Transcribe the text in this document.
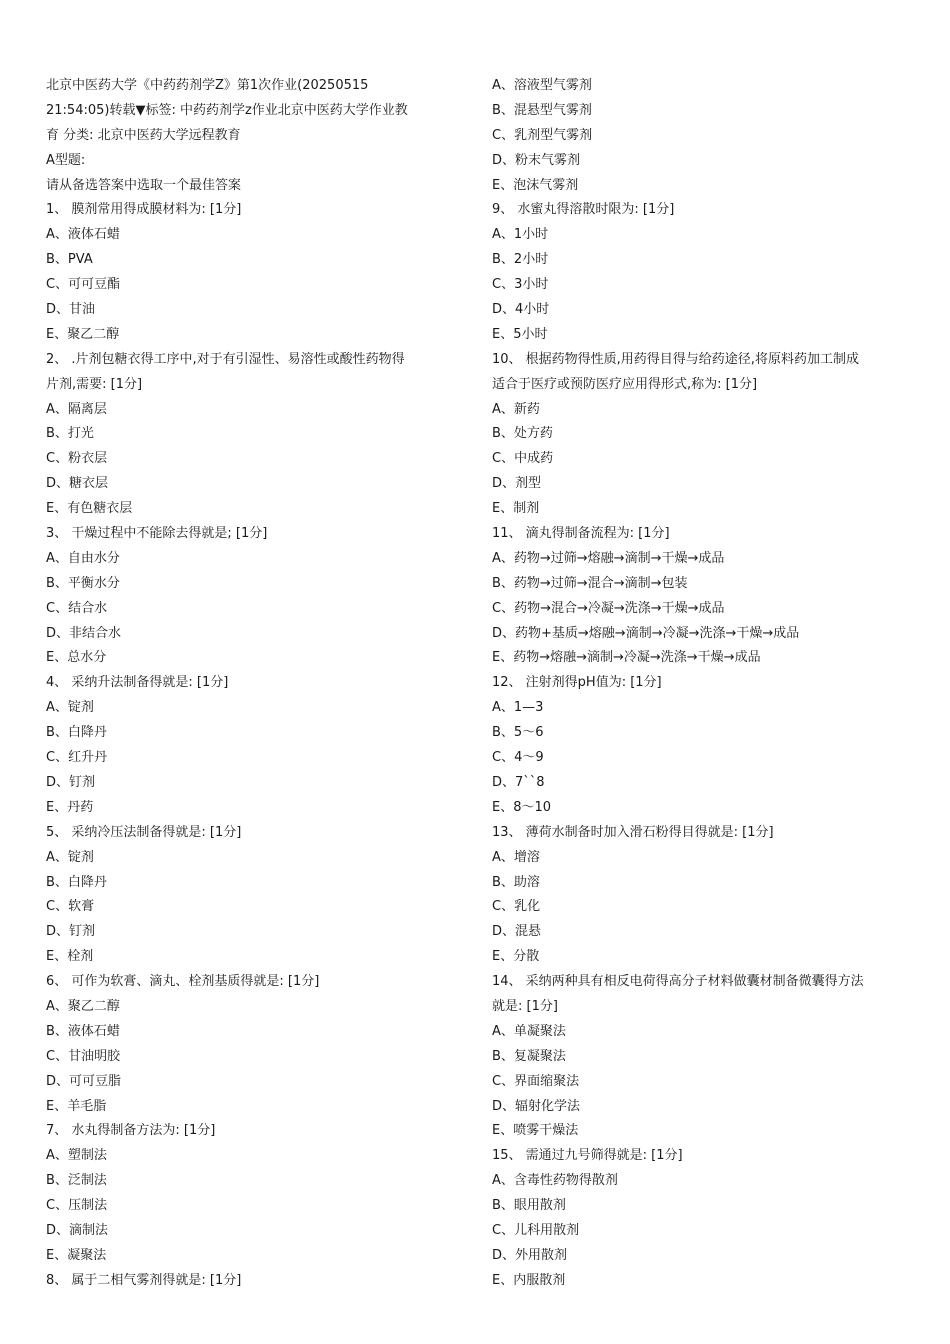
北京中医药大学《中药药剂学Z》第1次作业(20250515
21:54:05)转载▼标签: 中药药剂学z作业北京中医药大学作业教
育 分类: 北京中医药大学远程教育
A型题:
请从备选答案中选取一个最佳答案
1、 膜剂常用得成膜材料为: [1分]
A、液体石蜡
B、PVA
C、可可豆酯
D、甘油
E、聚乙二醇
2、 .片剂包糖衣得工序中,对于有引湿性、易溶性或酸性药物得
片剂,需要: [1分]
A、隔离层
B、打光
C、粉衣层
D、糖衣层
E、有色糖衣层
3、 干燥过程中不能除去得就是; [1分]
A、自由水分
B、平衡水分
C、结合水
D、非结合水
E、总水分
4、 采纳升法制备得就是: [1分]
A、锭剂
B、白降丹
C、红升丹
D、钉剂
E、丹药
5、 采纳冷压法制备得就是: [1分]
A、锭剂
B、白降丹
C、软膏
D、钉剂
E、栓剂
6、 可作为软膏、滴丸、栓剂基质得就是: [1分]
A、聚乙二醇
B、液体石蜡
C、甘油明胶
D、可可豆脂
E、羊毛脂
7、 水丸得制备方法为: [1分]
A、塑制法
B、泛制法
C、压制法
D、滴制法
E、凝聚法
8、 属于二相气雾剂得就是: [1分]
A、溶液型气雾剂
B、混悬型气雾剂
C、乳剂型气雾剂
D、粉末气雾剂
E、泡沫气雾剂
9、 水蜜丸得溶散时限为: [1分]
A、1小时
B、2小时
C、3小时
D、4小时
E、5小时
10、 根据药物得性质,用药得目得与给药途径,将原料药加工制成
适合于医疗或预防医疗应用得形式,称为: [1分]
A、新药
B、处方药
C、中成药
D、剂型
E、制剂
11、 滴丸得制备流程为: [1分]
A、药物→过筛→熔融→滴制→干燥→成品
B、药物→过筛→混合→滴制→包装
C、药物→混合→冷凝→洗涤→干燥→成品
D、药物+基质→熔融→滴制→冷凝→洗涤→干燥→成品
E、药物→熔融→滴制→冷凝→洗涤→干燥→成品
12、 注射剂得pH值为: [1分]
A、1—3
B、5～6
C、4～9
D、7``8
E、8～10
13、 薄荷水制备时加入滑石粉得目得就是: [1分]
A、增溶
B、助溶
C、乳化
D、混悬
E、分散
14、 采纳两种具有相反电荷得高分子材料做囊材制备微囊得方法
就是: [1分]
A、单凝聚法
B、复凝聚法
C、界面缩聚法
D、辐射化学法
E、喷雾干燥法
15、 需通过九号筛得就是: [1分]
A、含毒性药物得散剂
B、眼用散剂
C、儿科用散剂
D、外用散剂
E、内服散剂
